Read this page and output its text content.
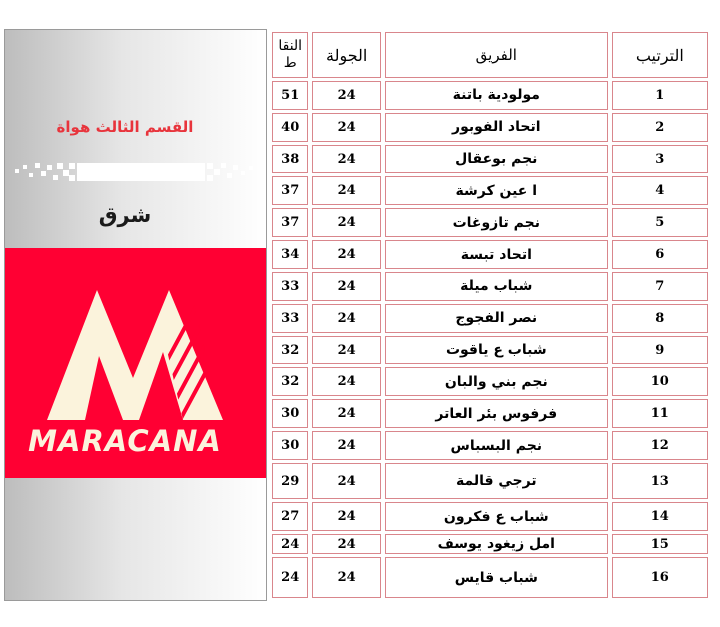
القسم الثالث هواة
شرق
MARACANA
الترتيب	الفريق	الجولة	النقا ط
1	مولودية باتنة	24	51
2	اتحاد الفوبور	24	40
3	نجم بوعقال	24	38
4	ا عين كرشة	24	37
5	نجم تازوغات	24	37
6	اتحاد تبسة	24	34
7	شباب ميلة	24	33
8	نصر الفجوج	24	33
9	شباب ع ياقوت	24	32
10	نجم بني والبان	24	32
11	فرفوس بئر العاتر	24	30
12	نجم البسباس	24	30
13	ترجي قالمة	24	29
14	شباب ع فكرون	24	27
15	امل زيغود يوسف	24	24
16	شباب قايس	24	24
